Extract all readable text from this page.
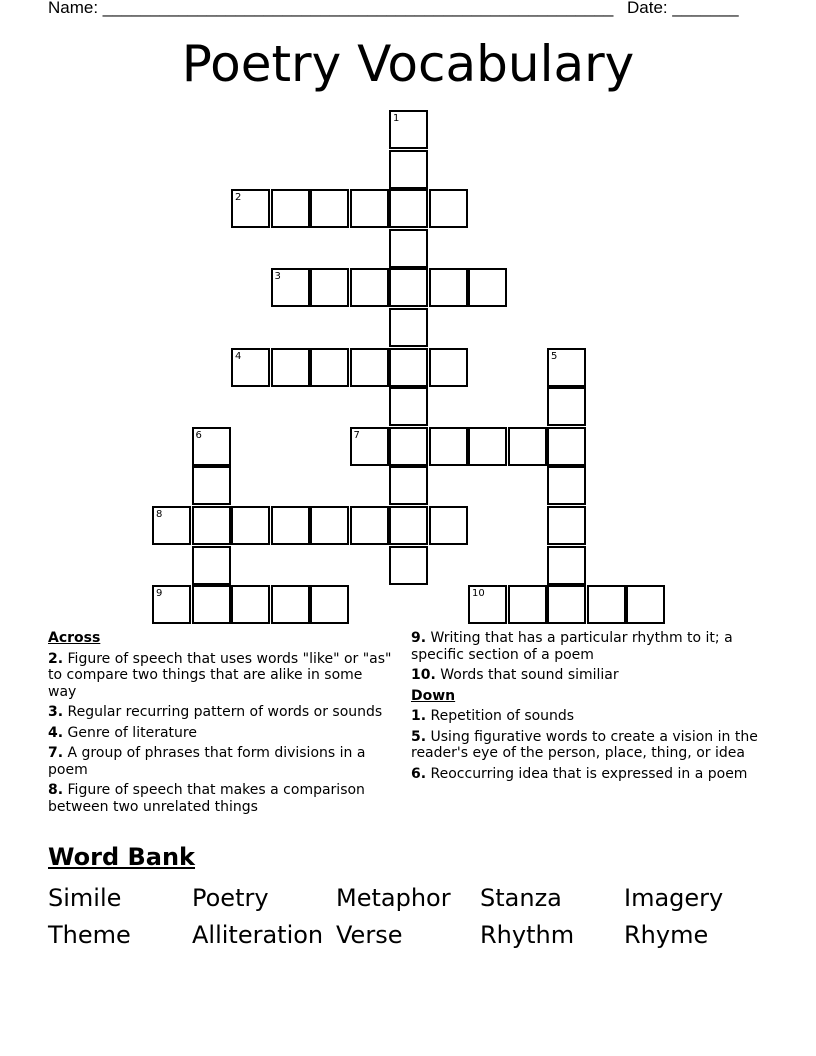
Name: ______________________________________________________ Date: _______
Poetry Vocabulary
1
2
3
4	5
6	7
8
9	10
Across
2. Figure of speech that uses words "like" or "as" to compare two things that are alike in some way
3. Regular recurring pattern of words or sounds
4. Genre of literature
7. A group of phrases that form divisions in a poem
8. Figure of speech that makes a comparison between two unrelated things
9. Writing that has a particular rhythm to it; a specific section of a poem
10. Words that sound similiar
Down
1. Repetition of sounds
5. Using figurative words to create a vision in the reader's eye of the person, place, thing, or idea
6. Reoccurring idea that is expressed in a poem
Word Bank
Simile	Poetry	Metaphor Stanza	Imagery
Theme	Alliteration Verse	Rhythm Rhyme
